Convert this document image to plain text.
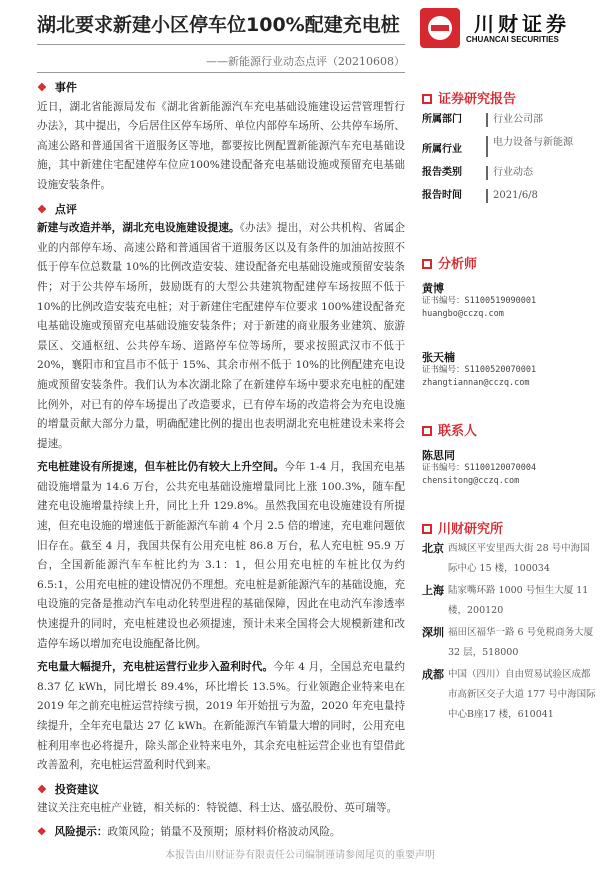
湖北要求新建小区停车位100%配建充电桩
——新能源行业动态点评（20210608）
川财证券
CHUANCAI SECURITIES
❖ 事件

近日，湖北省能源局发布《湖北省新能源汽车充电基础设施建设运营管理暂行办法》，其中提出，今后居住区停车场所、单位内部停车场所、公共停车场所、高速公路和普通国省干道服务区等地，都要按比例配置新能源汽车充电基础设施，其中新建住宅配建停车位应100%建设配备充电基础设施或预留充电基础设施安装条件。

❖ 点评

新建与改造并举，湖北充电设施建设提速。《办法》提出，对公共机构、省属企业的内部停车场、高速公路和普通国省干道服务区以及有条件的加油站按照不低于停车位总数量 10%的比例改造安装、建设配备充电基础设施或预留安装条件；对于公共停车场所，鼓励既有的大型公共建筑物配建停车场按照不低于 10%的比例改造安装充电桩；对于新建住宅配建停车位要求 100%建设配备充电基础设施或预留充电基础设施安装条件；对于新建的商业服务业建筑、旅游景区、交通枢纽、公共停车场、道路停车位等场所，要求按照武汉市不低于 20%，襄阳市和宜昌市不低于 15%、其余市州不低于 10%的比例配建充电设施或预留安装条件。我们认为本次湖北除了在新建停车场中要求充电桩的配建比例外，对已有的停车场提出了改造要求，已有停车场的改造将会为充电设施的增量贡献大部分力量，明确配建比例的提出也表明湖北充电桩建设未来将会提速。

充电桩建设有所提速，但车桩比仍有较大上升空间。今年 1-4 月，我国充电基础设施增量为 14.6 万台，公共充电基础设施增量同比上涨 100.3%，随车配建充电设施增量持续上升，同比上升 129.8%。虽然我国充电设施建设有所提速，但充电设施的增速低于新能源汽车前 4 个月 2.5 倍的增速，充电难问题依旧存在。截至 4 月，我国共保有公用充电桩 86.8 万台，私人充电桩 95.9 万台，全国新能源汽车车桩比约为 3.1：1，但公用充电桩的车桩比仅为约 6.5:1，公用充电桩的建设情况仍不理想。充电桩是新能源汽车的基础设施，充电设施的完备是推动汽车电动化转型进程的基础保障，因此在电动汽车渗透率快速提升的同时，充电桩建设也必须提速，预计未来全国将会大规模新建和改造停车场以增加充电设施配备比例。

充电量大幅提升，充电桩运营行业步入盈利时代。今年 4 月，全国总充电量约 8.37 亿 kWh，同比增长 89.4%，环比增长 13.5%。行业领跑企业特来电在 2019 年之前充电桩运营持续亏损，2019 年开始扭亏为盈，2020 年充电量持续提升，全年充电量达 27 亿 kWh。在新能源汽车销量大增的同时，公用充电桩利用率也必将提升，除头部企业特来电外，其余充电桩运营企业也有望借此改善盈利，充电桩运营盈利时代到来。

❖ 投资建议

建议关注充电桩产业链，相关标的：特锐德、科士达、盛弘股份、英可瑞等。

❖ 风险提示：政策风险；销量不及预期；原材料价格波动风险。
本报告由川财证券有限责任公司编制谨请参阅尾页的重要声明
证券研究报告
所属部门	行业公司部
所属行业
电力设备与新能源
报告类别	行业动态
报告时间	2021/6/8
分析师
黄博
证书编号：S1100519090001
huangbo@cczq.com
张天楠
证书编号：S1100520070001
zhangtiannan@cczq.com
联系人
陈思同
证书编号：S1100120070004
chensitong@cczq.com
川财研究所
北京 西城区平安里西大街 28 号中海国际中心 15 楼，100034
上海 陆家嘴环路 1000 号恒生大厦 11 楼，200120
深圳 福田区福华一路 6 号免税商务大厦 32 层，518000
成都 中国（四川）自由贸易试验区成都市高新区交子大道 177 号中海国际中心B座17 楼，610041
